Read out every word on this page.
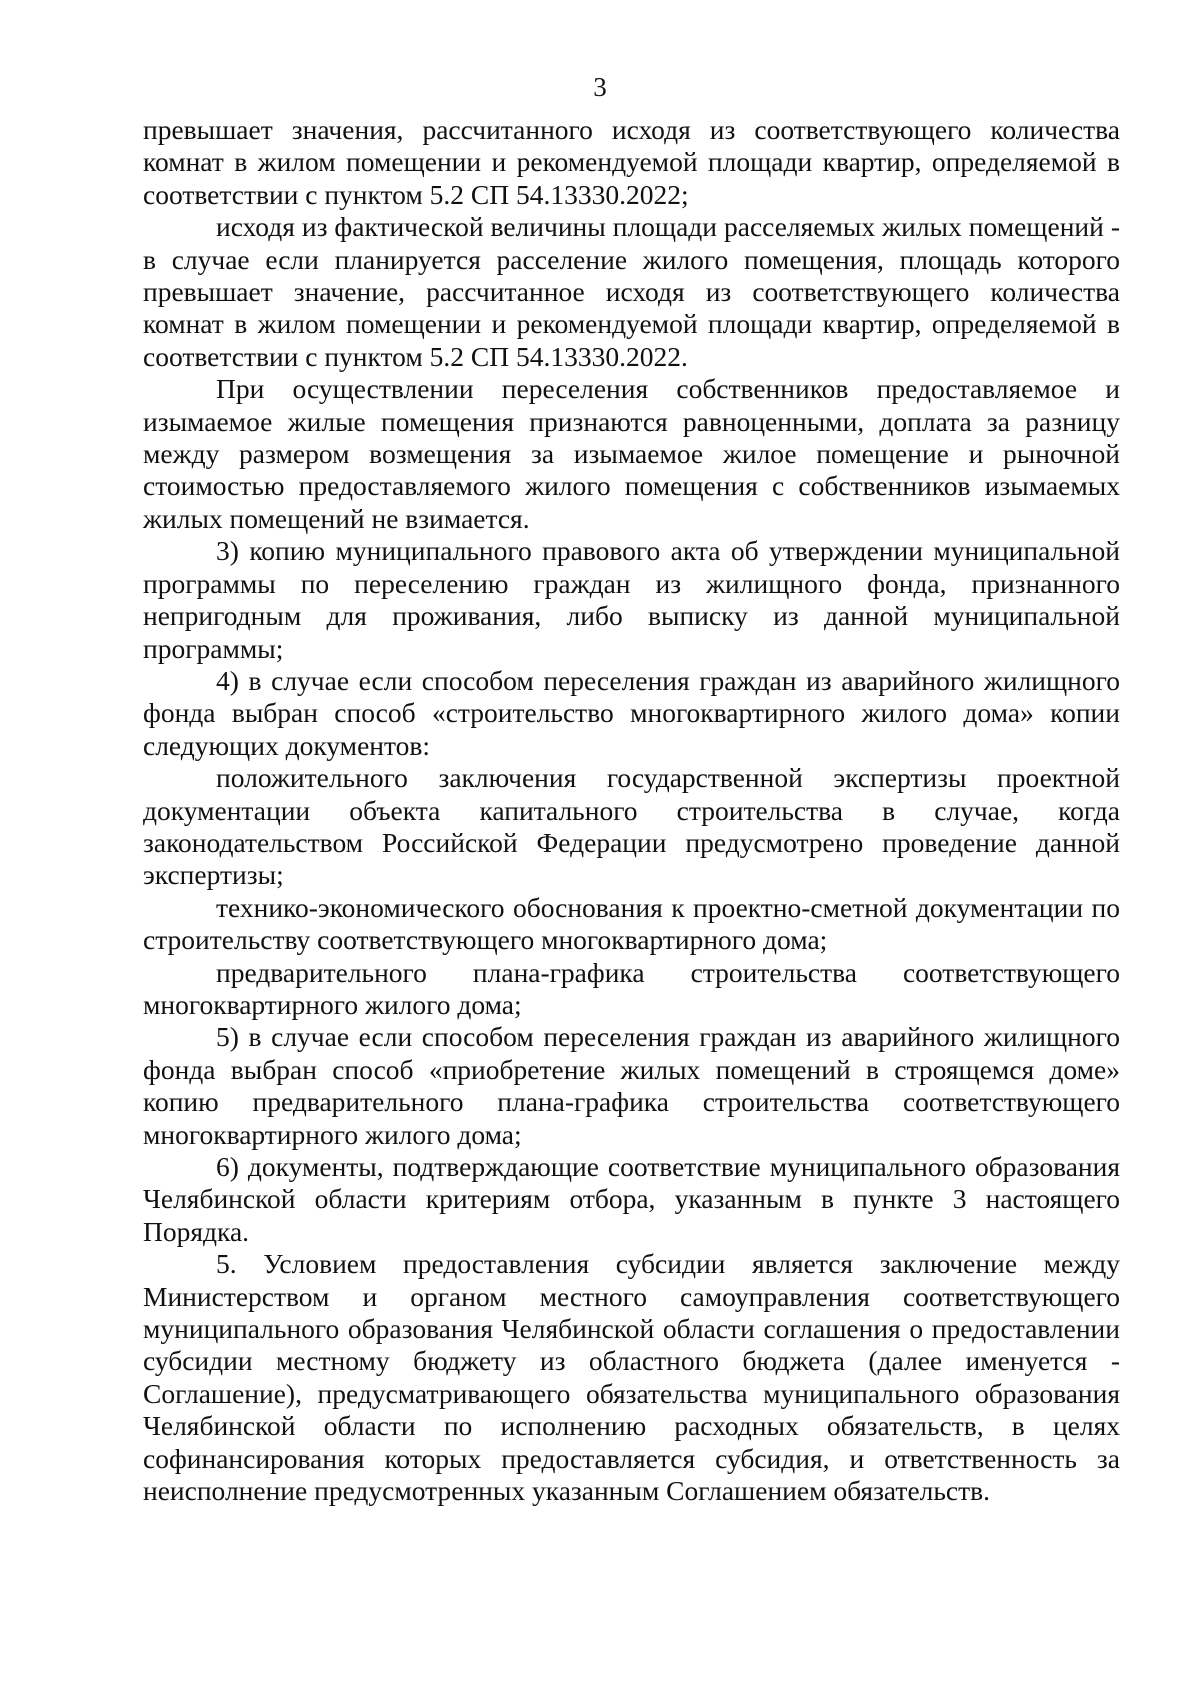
3

превышает значения, рассчитанного исходя из соответствующего количества комнат в жилом помещении и рекомендуемой площади квартир, определяемой в соответствии с пунктом 5.2 СП 54.13330.2022;

исходя из фактической величины площади расселяемых жилых помещений - в случае если планируется расселение жилого помещения, площадь которого превышает значение, рассчитанное исходя из соответствующего количества комнат в жилом помещении и рекомендуемой площади квартир, определяемой в соответствии с пунктом 5.2 СП 54.13330.2022.

При осуществлении переселения собственников предоставляемое и изымаемое жилые помещения признаются равноценными, доплата за разницу между размером возмещения за изымаемое жилое помещение и рыночной стоимостью предоставляемого жилого помещения с собственников изымаемых жилых помещений не взимается.

3) копию муниципального правового акта об утверждении муниципальной программы по переселению граждан из жилищного фонда, признанного непригодным для проживания, либо выписку из данной муниципальной программы;

4) в случае если способом переселения граждан из аварийного жилищного фонда выбран способ «строительство многоквартирного жилого дома» копии следующих документов:

положительного заключения государственной экспертизы проектной документации объекта капитального строительства в случае, когда законодательством Российской Федерации предусмотрено проведение данной экспертизы;

технико-экономического обоснования к проектно-сметной документации по строительству соответствующего многоквартирного дома;

предварительного плана-графика строительства соответствующего многоквартирного жилого дома;

5) в случае если способом переселения граждан из аварийного жилищного фонда выбран способ «приобретение жилых помещений в строящемся доме» копию предварительного плана-графика строительства соответствующего многоквартирного жилого дома;

6) документы, подтверждающие соответствие муниципального образования Челябинской области критериям отбора, указанным в пункте 3 настоящего Порядка.

5. Условием предоставления субсидии является заключение между Министерством и органом местного самоуправления соответствующего муниципального образования Челябинской области соглашения о предоставлении субсидии местному бюджету из областного бюджета (далее именуется - Соглашение), предусматривающего обязательства муниципального образования Челябинской области по исполнению расходных обязательств, в целях софинансирования которых предоставляется субсидия, и ответственность за неисполнение предусмотренных указанным Соглашением обязательств.
